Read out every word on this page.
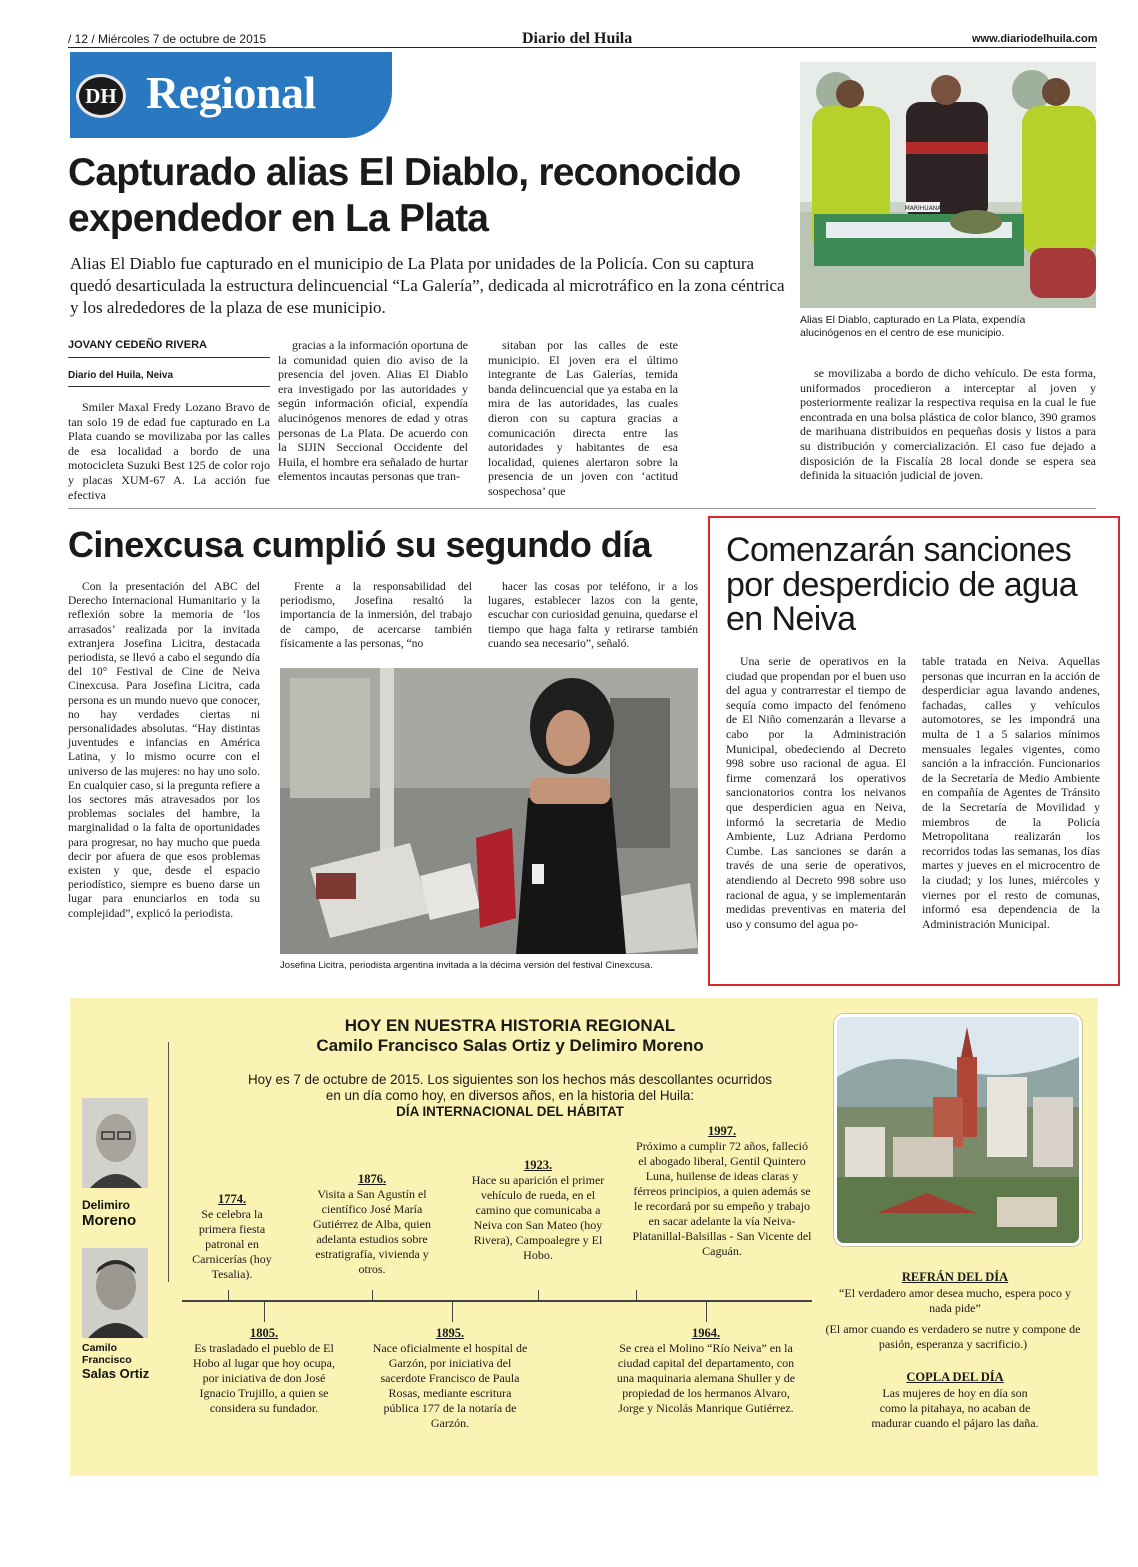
/ 12 / Miércoles 7 de octubre de 2015	Diario del Huila	www.diariodelhuila.com
DH Regional
Capturado alias El Diablo, reconocido expendedor en La Plata
Alias El Diablo fue capturado en el municipio de La Plata por unidades de la Policía. Con su captura quedó desarticulada la estructura delincuencial “La Galería”, dedicada al microtráfico en la zona céntrica y los alrededores de la plaza de ese municipio.
MARIHUANA
Alias El Diablo, capturado en La Plata, expendía alucinógenos en el centro de ese municipio.
JOVANY CEDEÑO RIVERA
Diario del Huila, Neiva

Smiler Maxal Fredy Lozano Bravo de tan solo 19 de edad fue capturado en La Plata cuando se movilizaba por las calles de esa localidad a bordo de una motocicleta Suzuki Best 125 de color rojo y placas XUM-67 A. La acción fue efectiva

gracias a la información oportuna de la comunidad quien dio aviso de la presencia del joven. Alias El Diablo era investigado por las autoridades y según información oficial, expendía alucinógenos menores de edad y otras personas de La Plata. De acuerdo con la SIJIN Seccional Occidente del Huila, el hombre era señalado de hurtar elementos incautas personas que tran-

sitaban por las calles de este municipio. El joven era el último integrante de Las Galerías, temida banda delincuencial que ya estaba en la mira de las autoridades, las cuales dieron con su captura gracias a comunicación directa entre las autoridades y habitantes de esa localidad, quienes alertaron sobre la presencia de un joven con ‘actitud sospechosa’ que

se movilizaba a bordo de dicho vehículo. De esta forma, uniformados procedieron a interceptar al joven y posteriormente realizar la respectiva requisa en la cual le fue encontrada en una bolsa plástica de color blanco, 390 gramos de marihuana distribuidos en pequeñas dosis y listos a para su distribución y comercialización. El caso fue dejado a disposición de la Fiscalía 28 local donde se espera sea definida la situación judicial de joven.

Cinexcusa cumplió su segundo día

Con la presentación del ABC del Derecho Internacional Humanitario y la reflexión sobre la memoria de ‘los arrasados’ realizada por la invitada extranjera Josefina Licitra, destacada periodista, se llevó a cabo el segundo día del 10° Festival de Cine de Neiva Cinexcusa. Para Josefina Licitra, cada persona es un mundo nuevo que conocer, no hay verdades ciertas ni personalidades absolutas. “Hay distintas juventudes e infancias en América Latina, y lo mismo ocurre con el universo de las mujeres: no hay uno solo. En cualquier caso, si la pregunta refiere a los sectores más atravesados por los problemas sociales del hambre, la marginalidad o la falta de oportunidades para progresar, no hay mucho que pueda decir por afuera de que esos problemas existen y que, desde el espacio periodístico, siempre es bueno darse un lugar para enunciarlos en toda su complejidad”, explicó la periodista.

Frente a la responsabilidad del periodismo, Josefina resaltó la importancia de la inmersión, del trabajo de campo, de acercarse también físicamente a las personas, “no

hacer las cosas por teléfono, ir a los lugares, establecer lazos con la gente, escuchar con curiosidad genuina, quedarse el tiempo que haga falta y retirarse también cuando sea necesario”, señaló.

Josefina Licitra, periodista argentina invitada a la décima versión del festival Cinexcusa.
Comenzarán sanciones por desperdicio de agua en Neiva

Una serie de operativos en la ciudad que propendan por el buen uso del agua y contrarrestar el tiempo de sequía como impacto del fenómeno de El Niño comenzarán a llevarse a cabo por la Administración Municipal, obedeciendo al Decreto 998 sobre uso racional de agua. El firme comenzará los operativos sancionatorios contra los neivanos que desperdicien agua en Neiva, informó la secretaria de Medio Ambiente, Luz Adriana Perdomo Cumbe. Las sanciones se darán a través de una serie de operativos, atendiendo al Decreto 998 sobre uso racional de agua, y se implementarán medidas preventivas en materia del uso y consumo del agua po-

table tratada en Neiva. Aquellas personas que incurran en la acción de desperdiciar agua lavando andenes, fachadas, calles y vehículos automotores, se les impondrá una multa de 1 a 5 salarios mínimos mensuales legales vigentes, como sanción a la infracción. Funcionarios de la Secretaría de Medio Ambiente en compañía de Agentes de Tránsito de la Secretaría de Movilidad y miembros de la Policía Metropolitana realizarán los recorridos todas las semanas, los días martes y jueves en el microcentro de la ciudad; y los lunes, miércoles y viernes por el resto de comunas, informó esa dependencia de la Administración Municipal.

HOY EN NUESTRA HISTORIA REGIONAL
Camilo Francisco Salas Ortiz y Delimiro Moreno
Hoy es 7 de octubre de 2015. Los siguientes son los hechos más descollantes ocurridos en un día como hoy, en diversos años, en la historia del Huila:
DÍA INTERNACIONAL DEL HÁBITAT
Delimiro
Moreno
Camilo Francisco
Salas Ortiz
1774.
Se celebra la primera fiesta patronal en Carnicerías (hoy Tesalia).
1876.
Visita a San Agustín el científico José María Gutiérrez de Alba, quien adelanta estudios sobre estratigrafía, vivienda y otros.
1923.
Hace su aparición el primer vehículo de rueda, en el camino que comunicaba a Neiva con San Mateo (hoy Rivera), Campoalegre y El Hobo.
1997.
Próximo a cumplir 72 años, falleció el abogado liberal, Gentil Quintero Luna, huilense de ideas claras y férreos principios, a quien además se le recordará por su empeño y trabajo en sacar adelante la vía Neiva-Platanillal-Balsillas - San Vicente del Caguán.
1805.
Es trasladado el pueblo de El Hobo al lugar que hoy ocupa, por iniciativa de don José Ignacio Trujillo, a quien se considera su fundador.
1895.
Nace oficialmente el hospital de Garzón, por iniciativa del sacerdote Francisco de Paula Rosas, mediante escritura pública 177 de la notaría de Garzón.
1964.
Se crea el Molino “Río Neiva” en la ciudad capital del departamento, con una maquinaria alemana Shuller y de propiedad de los hermanos Alvaro, Jorge y Nicolás Manrique Gutiérrez.
REFRÁN DEL DÍA
“El verdadero amor desea mucho, espera poco y nada pide”
(El amor cuando es verdadero se nutre y compone de pasión, esperanza y sacrificio.)
COPLA DEL DÍA
Las mujeres de hoy en día son como la pitahaya, no acaban de madurar cuando el pájaro las daña.
